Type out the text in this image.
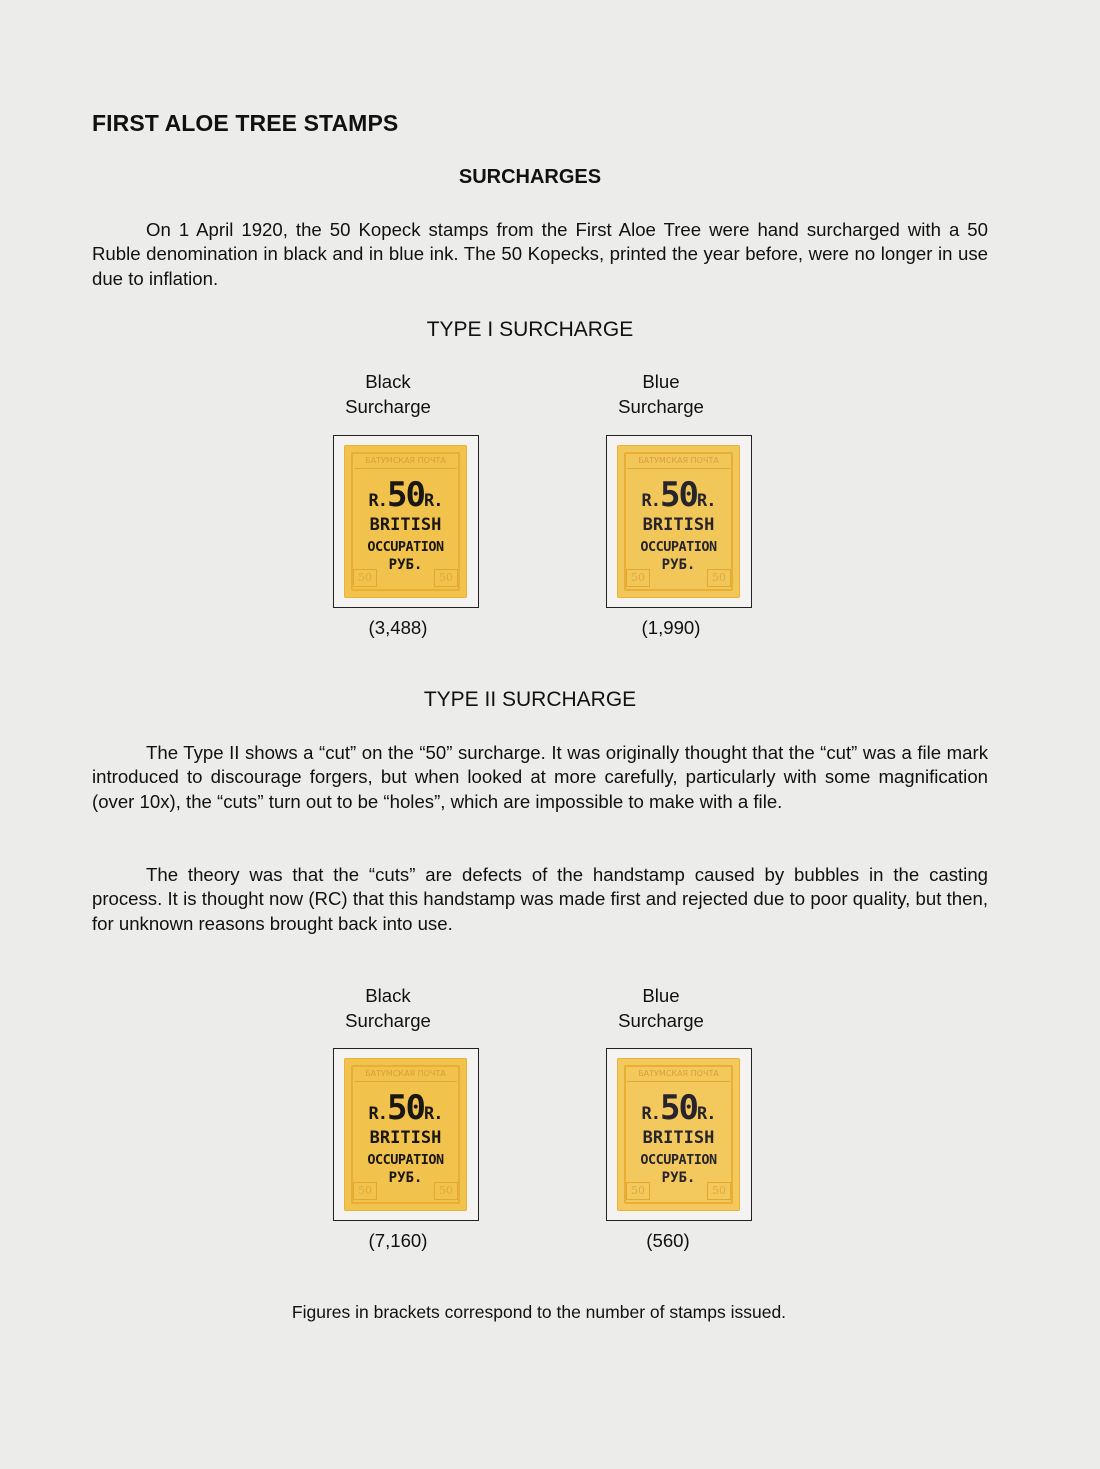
FIRST ALOE TREE STAMPS
SURCHARGES
On 1 April 1920, the 50 Kopeck stamps from the First Aloe Tree were hand surcharged with a 50 Ruble denomination in black and in blue ink. The 50 Kopecks, printed the year before, were no longer in use due to inflation.
TYPE I SURCHARGE
Black
Surcharge
БАТУМСКАЯ ПОЧТА
50	50
R.50R.
BRITISH
OCCUPATION
РУБ.
(3,488)
Blue
Surcharge
БАТУМСКАЯ ПОЧТА
50	50
R.50R.
BRITISH
OCCUPATION
РУБ.
(1,990)
TYPE II SURCHARGE
The Type II shows a “cut” on the “50” surcharge. It was originally thought that the “cut” was a file mark introduced to discourage forgers, but when looked at more carefully, particularly with some magnification (over 10x), the “cuts” turn out to be “holes”, which are impossible to make with a file.
The theory was that the “cuts” are defects of the handstamp caused by bubbles in the casting process. It is thought now (RC) that this handstamp was made first and rejected due to poor quality, but then, for unknown reasons brought back into use.
Black
Surcharge
БАТУМСКАЯ ПОЧТА
50	50
R.50R.
BRITISH
OCCUPATION
РУБ.
(7,160)
Blue
Surcharge
БАТУМСКАЯ ПОЧТА
50	50
R.50R.
BRITISH
OCCUPATION
РУБ.
(560)
Figures in brackets correspond to the number of stamps issued.
